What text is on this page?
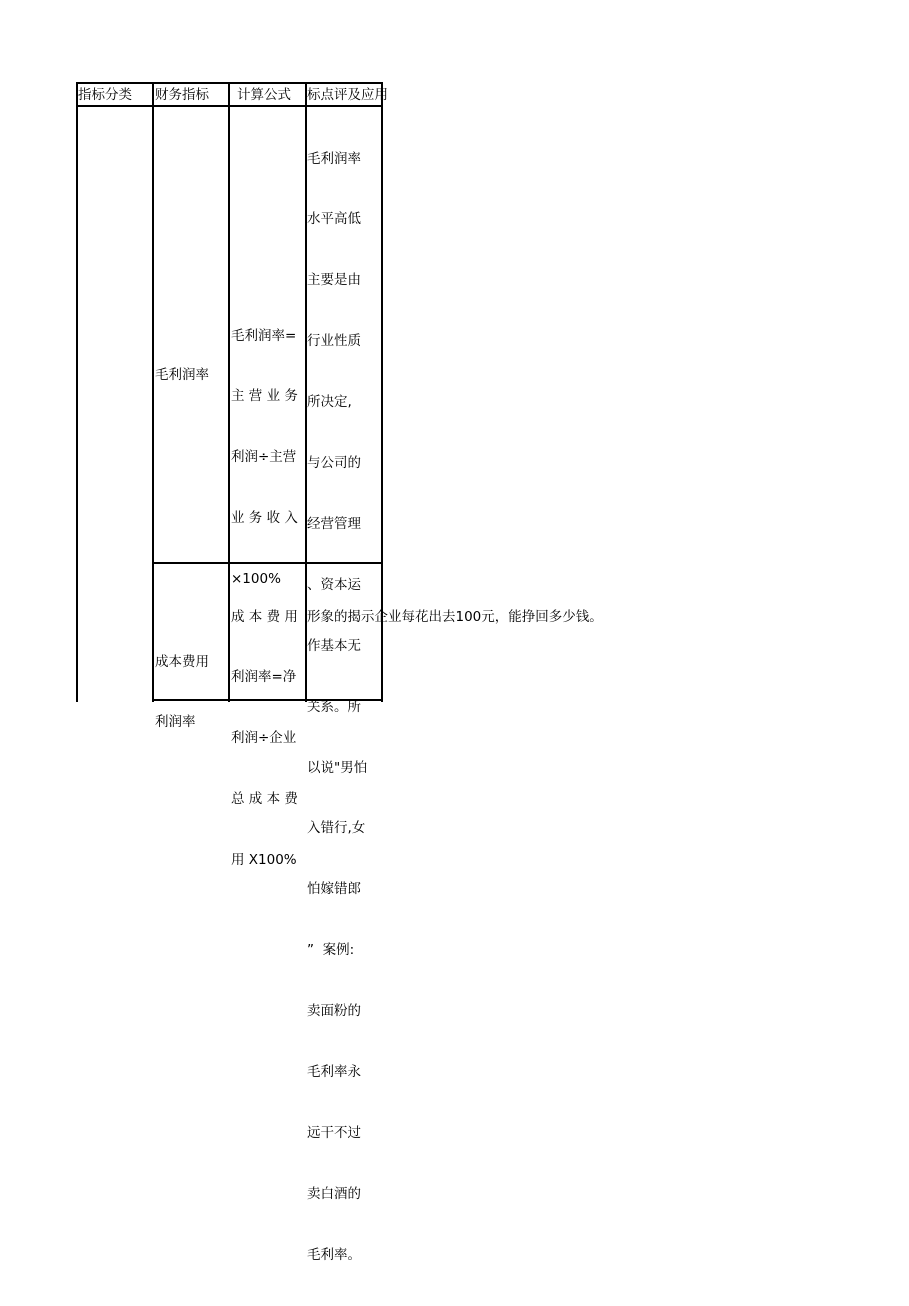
指标分类 财务指标 计算公式 标点评及应用

毛利润率

毛利润率=

主 营 业 务

利润÷主营

业 务 收 入

×100%

毛利润率

水平高低

主要是由

行业性质

所决定,

与公司的

经营管理

、资本运

作基本无

关系。所

以说"男怕

入错行,女

怕嫁错郎

”  案例:

卖面粉的

毛利率永

远干不过

卖白酒的

毛利率。

成本费用

利润率

成 本 费 用

利润率=净

利润÷企业

总 成 本 费

用 X100%

形象的揭示企业每花出去100元，能挣回多少钱。
